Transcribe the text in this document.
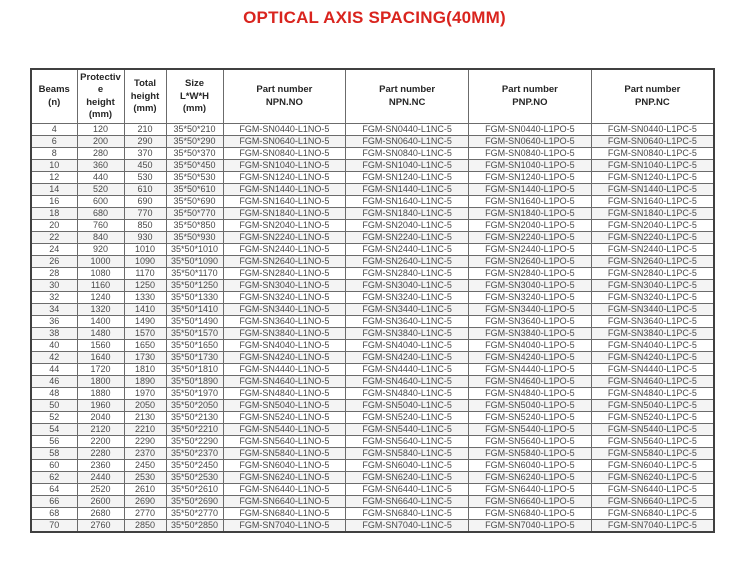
OPTICAL AXIS SPACING(40MM)
Beams
(n)	Protective
height
(mm)	Total
height
(mm)	Size
L*W*H
(mm)	Part number
NPN.NO	Part number
NPN.NC	Part number
PNP.NO	Part number
PNP.NC
4	120	210	35*50*210	FGM-SN0440-L1NO-5	FGM-SN0440-L1NC-5	FGM-SN0440-L1PO-5	FGM-SN0440-L1PC-5
6	200	290	35*50*290	FGM-SN0640-L1NO-5	FGM-SN0640-L1NC-5	FGM-SN0640-L1PO-5	FGM-SN0640-L1PC-5
8	280	370	35*50*370	FGM-SN0840-L1NO-5	FGM-SN0840-L1NC-5	FGM-SN0840-L1PO-5	FGM-SN0840-L1PC-5
10	360	450	35*50*450	FGM-SN1040-L1NO-5	FGM-SN1040-L1NC-5	FGM-SN1040-L1PO-5	FGM-SN1040-L1PC-5
12	440	530	35*50*530	FGM-SN1240-L1NO-5	FGM-SN1240-L1NC-5	FGM-SN1240-L1PO-5	FGM-SN1240-L1PC-5
14	520	610	35*50*610	FGM-SN1440-L1NO-5	FGM-SN1440-L1NC-5	FGM-SN1440-L1PO-5	FGM-SN1440-L1PC-5
16	600	690	35*50*690	FGM-SN1640-L1NO-5	FGM-SN1640-L1NC-5	FGM-SN1640-L1PO-5	FGM-SN1640-L1PC-5
18	680	770	35*50*770	FGM-SN1840-L1NO-5	FGM-SN1840-L1NC-5	FGM-SN1840-L1PO-5	FGM-SN1840-L1PC-5
20	760	850	35*50*850	FGM-SN2040-L1NO-5	FGM-SN2040-L1NC-5	FGM-SN2040-L1PO-5	FGM-SN2040-L1PC-5
22	840	930	35*50*930	FGM-SN2240-L1NO-5	FGM-SN2240-L1NC-5	FGM-SN2240-L1PO-5	FGM-SN2240-L1PC-5
24	920	1010	35*50*1010	FGM-SN2440-L1NO-5	FGM-SN2440-L1NC-5	FGM-SN2440-L1PO-5	FGM-SN2440-L1PC-5
26	1000	1090	35*50*1090	FGM-SN2640-L1NO-5	FGM-SN2640-L1NC-5	FGM-SN2640-L1PO-5	FGM-SN2640-L1PC-5
28	1080	1170	35*50*1170	FGM-SN2840-L1NO-5	FGM-SN2840-L1NC-5	FGM-SN2840-L1PO-5	FGM-SN2840-L1PC-5
30	1160	1250	35*50*1250	FGM-SN3040-L1NO-5	FGM-SN3040-L1NC-5	FGM-SN3040-L1PO-5	FGM-SN3040-L1PC-5
32	1240	1330	35*50*1330	FGM-SN3240-L1NO-5	FGM-SN3240-L1NC-5	FGM-SN3240-L1PO-5	FGM-SN3240-L1PC-5
34	1320	1410	35*50*1410	FGM-SN3440-L1NO-5	FGM-SN3440-L1NC-5	FGM-SN3440-L1PO-5	FGM-SN3440-L1PC-5
36	1400	1490	35*50*1490	FGM-SN3640-L1NO-5	FGM-SN3640-L1NC-5	FGM-SN3640-L1PO-5	FGM-SN3640-L1PC-5
38	1480	1570	35*50*1570	FGM-SN3840-L1NO-5	FGM-SN3840-L1NC-5	FGM-SN3840-L1PO-5	FGM-SN3840-L1PC-5
40	1560	1650	35*50*1650	FGM-SN4040-L1NO-5	FGM-SN4040-L1NC-5	FGM-SN4040-L1PO-5	FGM-SN4040-L1PC-5
42	1640	1730	35*50*1730	FGM-SN4240-L1NO-5	FGM-SN4240-L1NC-5	FGM-SN4240-L1PO-5	FGM-SN4240-L1PC-5
44	1720	1810	35*50*1810	FGM-SN4440-L1NO-5	FGM-SN4440-L1NC-5	FGM-SN4440-L1PO-5	FGM-SN4440-L1PC-5
46	1800	1890	35*50*1890	FGM-SN4640-L1NO-5	FGM-SN4640-L1NC-5	FGM-SN4640-L1PO-5	FGM-SN4640-L1PC-5
48	1880	1970	35*50*1970	FGM-SN4840-L1NO-5	FGM-SN4840-L1NC-5	FGM-SN4840-L1PO-5	FGM-SN4840-L1PC-5
50	1960	2050	35*50*2050	FGM-SN5040-L1NO-5	FGM-SN5040-L1NC-5	FGM-SN5040-L1PO-5	FGM-SN5040-L1PC-5
52	2040	2130	35*50*2130	FGM-SN5240-L1NO-5	FGM-SN5240-L1NC-5	FGM-SN5240-L1PO-5	FGM-SN5240-L1PC-5
54	2120	2210	35*50*2210	FGM-SN5440-L1NO-5	FGM-SN5440-L1NC-5	FGM-SN5440-L1PO-5	FGM-SN5440-L1PC-5
56	2200	2290	35*50*2290	FGM-SN5640-L1NO-5	FGM-SN5640-L1NC-5	FGM-SN5640-L1PO-5	FGM-SN5640-L1PC-5
58	2280	2370	35*50*2370	FGM-SN5840-L1NO-5	FGM-SN5840-L1NC-5	FGM-SN5840-L1PO-5	FGM-SN5840-L1PC-5
60	2360	2450	35*50*2450	FGM-SN6040-L1NO-5	FGM-SN6040-L1NC-5	FGM-SN6040-L1PO-5	FGM-SN6040-L1PC-5
62	2440	2530	35*50*2530	FGM-SN6240-L1NO-5	FGM-SN6240-L1NC-5	FGM-SN6240-L1PO-5	FGM-SN6240-L1PC-5
64	2520	2610	35*50*2610	FGM-SN6440-L1NO-5	FGM-SN6440-L1NC-5	FGM-SN6440-L1PO-5	FGM-SN6440-L1PC-5
66	2600	2690	35*50*2690	FGM-SN6640-L1NO-5	FGM-SN6640-L1NC-5	FGM-SN6640-L1PO-5	FGM-SN6640-L1PC-5
68	2680	2770	35*50*2770	FGM-SN6840-L1NO-5	FGM-SN6840-L1NC-5	FGM-SN6840-L1PO-5	FGM-SN6840-L1PC-5
70	2760	2850	35*50*2850	FGM-SN7040-L1NO-5	FGM-SN7040-L1NC-5	FGM-SN7040-L1PO-5	FGM-SN7040-L1PC-5
